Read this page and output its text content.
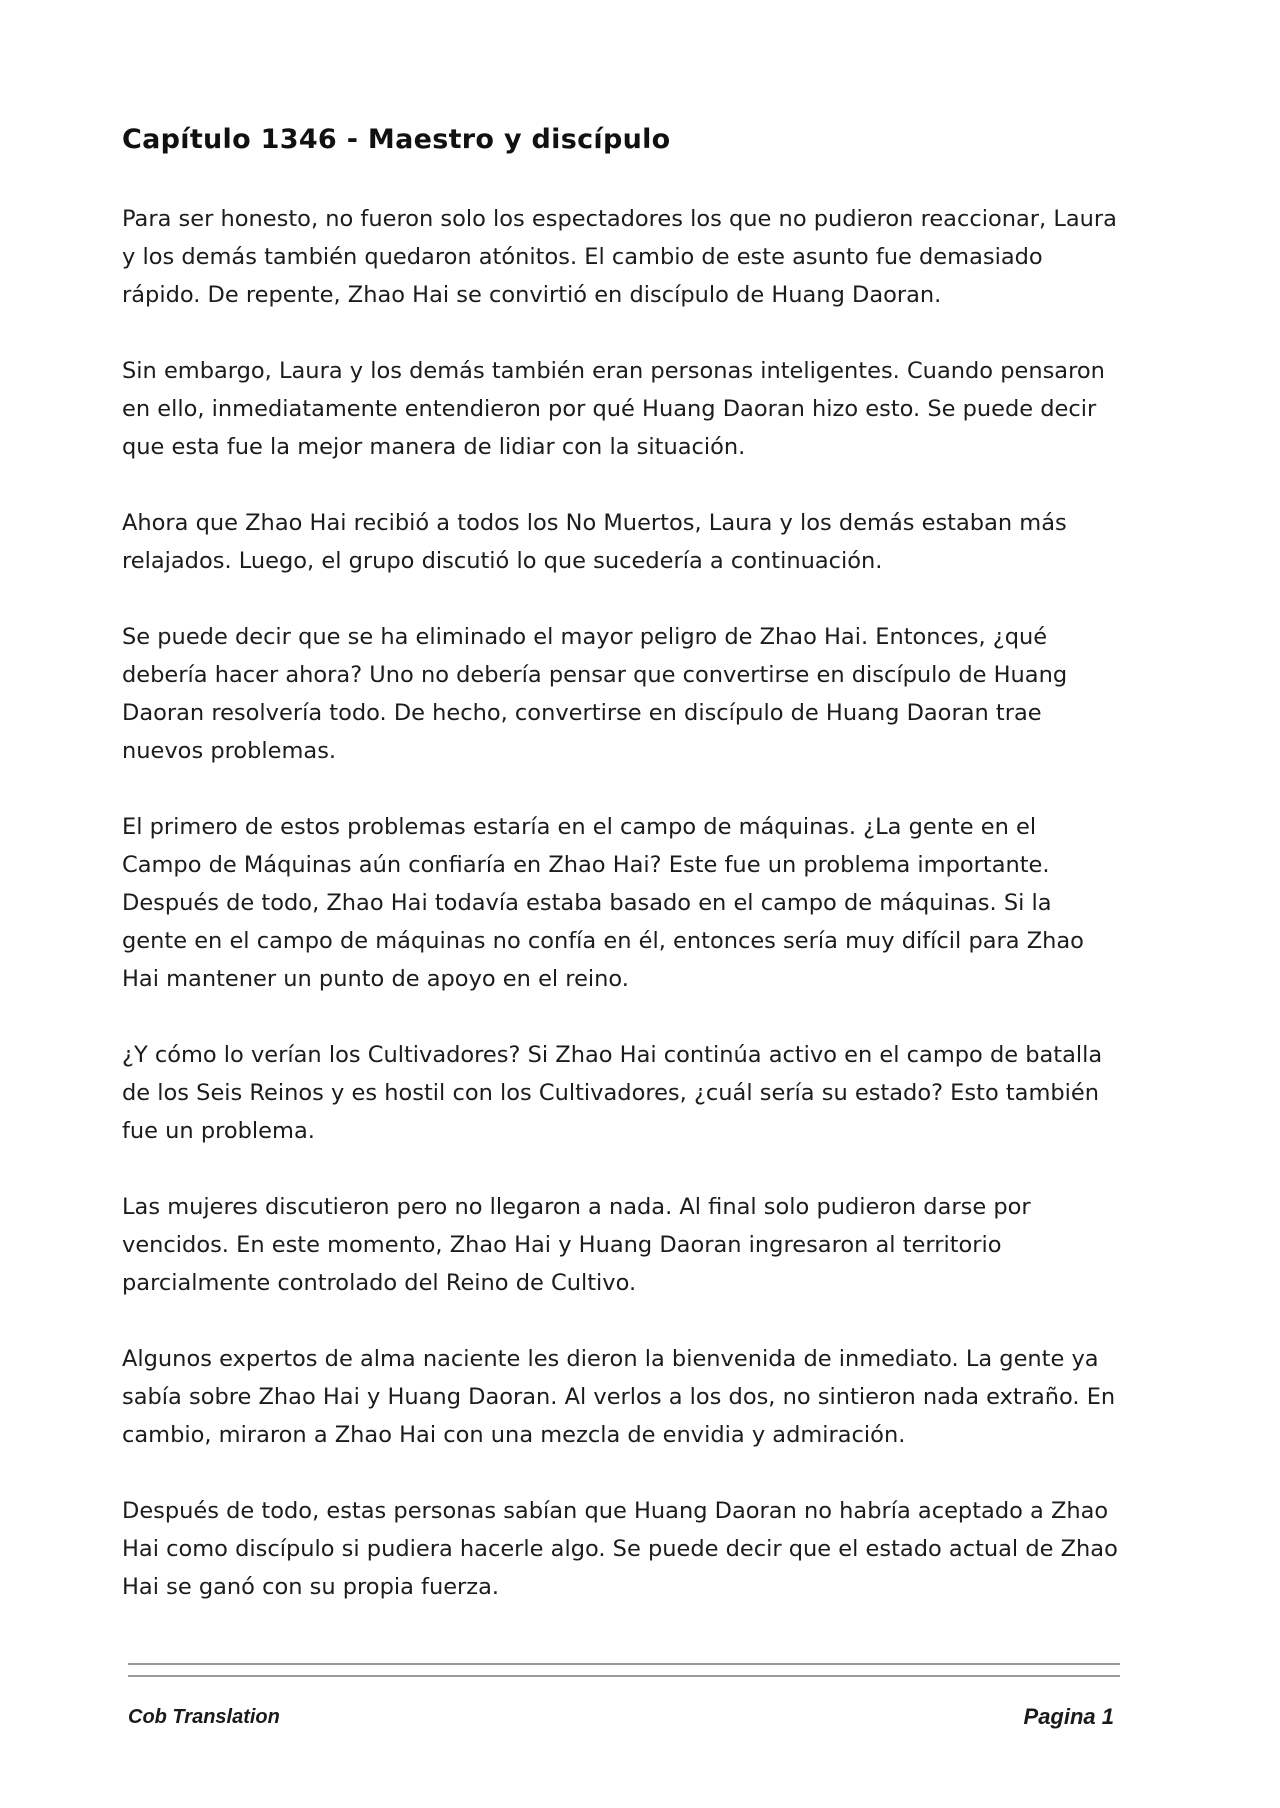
Capítulo 1346 - Maestro y discípulo

Para ser honesto, no fueron solo los espectadores los que no pudieron reaccionar, Laura y los demás también quedaron atónitos. El cambio de este asunto fue demasiado rápido. De repente, Zhao Hai se convirtió en discípulo de Huang Daoran.

Sin embargo, Laura y los demás también eran personas inteligentes. Cuando pensaron en ello, inmediatamente entendieron por qué Huang Daoran hizo esto. Se puede decir que esta fue la mejor manera de lidiar con la situación.

Ahora que Zhao Hai recibió a todos los No Muertos, Laura y los demás estaban más relajados. Luego, el grupo discutió lo que sucedería a continuación.

Se puede decir que se ha eliminado el mayor peligro de Zhao Hai. Entonces, ¿qué debería hacer ahora? Uno no debería pensar que convertirse en discípulo de Huang Daoran resolvería todo. De hecho, convertirse en discípulo de Huang Daoran trae nuevos problemas.

El primero de estos problemas estaría en el campo de máquinas. ¿La gente en el Campo de Máquinas aún confiaría en Zhao Hai? Este fue un problema importante. Después de todo, Zhao Hai todavía estaba basado en el campo de máquinas. Si la gente en el campo de máquinas no confía en él, entonces sería muy difícil para Zhao Hai mantener un punto de apoyo en el reino.

¿Y cómo lo verían los Cultivadores? Si Zhao Hai continúa activo en el campo de batalla de los Seis Reinos y es hostil con los Cultivadores, ¿cuál sería su estado? Esto también fue un problema.

Las mujeres discutieron pero no llegaron a nada. Al final solo pudieron darse por vencidos. En este momento, Zhao Hai y Huang Daoran ingresaron al territorio parcialmente controlado del Reino de Cultivo.

Algunos expertos de alma naciente les dieron la bienvenida de inmediato. La gente ya sabía sobre Zhao Hai y Huang Daoran. Al verlos a los dos, no sintieron nada extraño. En cambio, miraron a Zhao Hai con una mezcla de envidia y admiración.

Después de todo, estas personas sabían que Huang Daoran no habría aceptado a Zhao Hai como discípulo si pudiera hacerle algo. Se puede decir que el estado actual de Zhao Hai se ganó con su propia fuerza.

Cob Translation	Pagina 1
